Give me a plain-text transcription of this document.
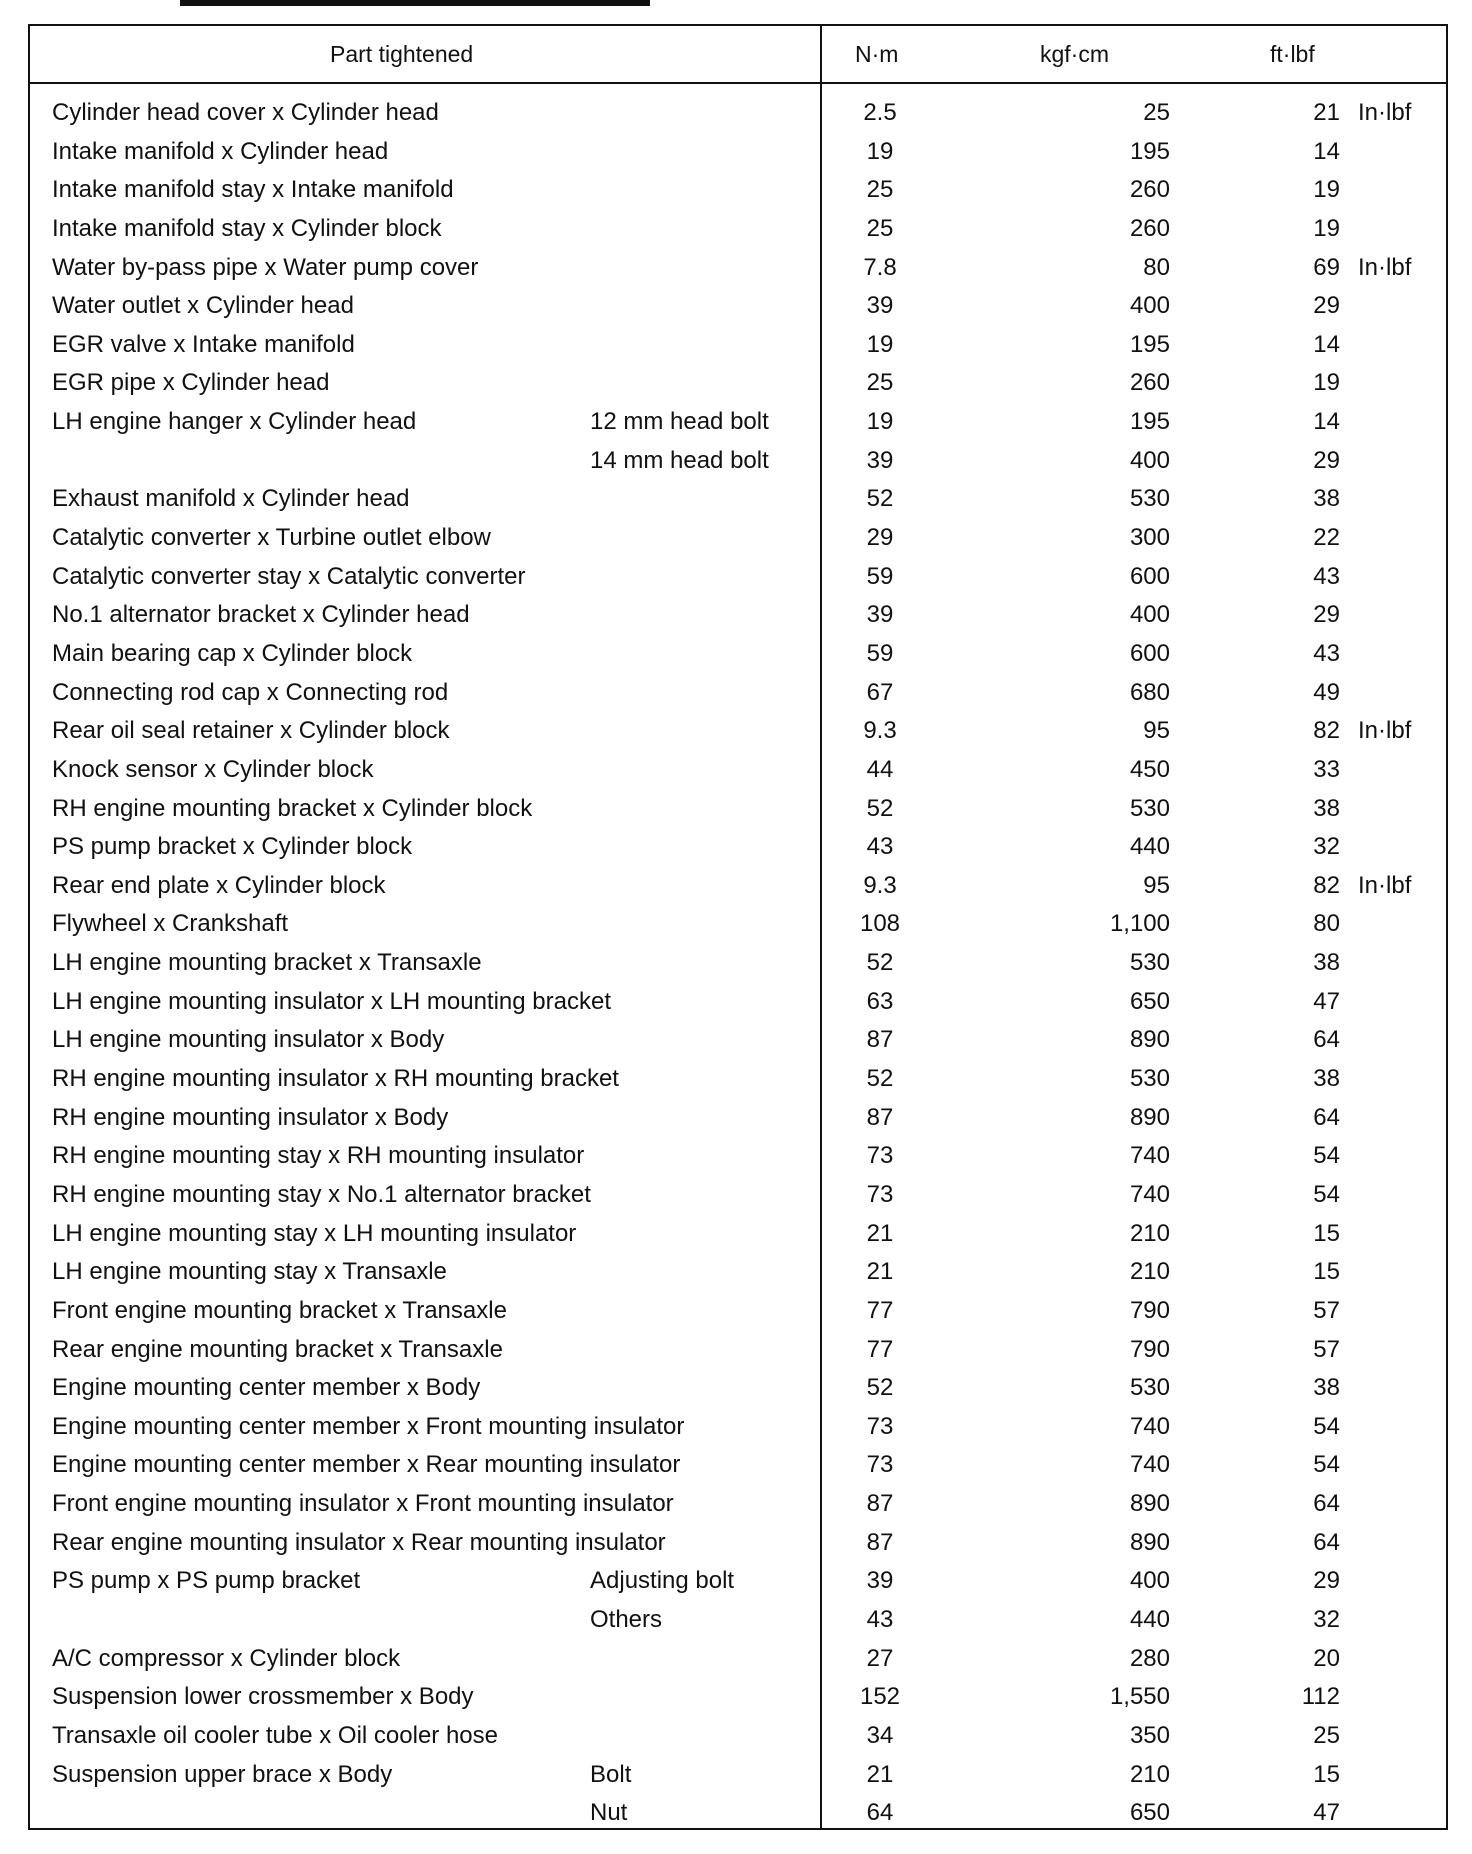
Part tightened	N·m	kgf·cm	ft·lbf
Cylinder head cover x Cylinder head	2.5	25	21 In·lbf
Intake manifold x Cylinder head	19	195	14
Intake manifold stay x Intake manifold	25	260	19
Intake manifold stay x Cylinder block	25	260	19
Water by-pass pipe x Water pump cover	7.8	80	69 In·lbf
Water outlet x Cylinder head	39	400	29
EGR valve x Intake manifold	19	195	14
EGR pipe x Cylinder head	25	260	19
LH engine hanger x Cylinder head	12 mm head bolt	19	195	14
14 mm head bolt	39	400	29
Exhaust manifold x Cylinder head	52	530	38
Catalytic converter x Turbine outlet elbow	29	300	22
Catalytic converter stay x Catalytic converter	59	600	43
No.1 alternator bracket x Cylinder head	39	400	29
Main bearing cap x Cylinder block	59	600	43
Connecting rod cap x Connecting rod	67	680	49
Rear oil seal retainer x Cylinder block	9.3	95	82 In·lbf
Knock sensor x Cylinder block	44	450	33
RH engine mounting bracket x Cylinder block	52	530	38
PS pump bracket x Cylinder block	43	440	32
Rear end plate x Cylinder block	9.3	95	82 In·lbf
Flywheel x Crankshaft	108	1,100	80
LH engine mounting bracket x Transaxle	52	530	38
LH engine mounting insulator x LH mounting bracket	63	650	47
LH engine mounting insulator x Body	87	890	64
RH engine mounting insulator x RH mounting bracket	52	530	38
RH engine mounting insulator x Body	87	890	64
RH engine mounting stay x RH mounting insulator	73	740	54
RH engine mounting stay x No.1 alternator bracket	73	740	54
LH engine mounting stay x LH mounting insulator	21	210	15
LH engine mounting stay x Transaxle	21	210	15
Front engine mounting bracket x Transaxle	77	790	57
Rear engine mounting bracket x Transaxle	77	790	57
Engine mounting center member x Body	52	530	38
Engine mounting center member x Front mounting insulator	73	740	54
Engine mounting center member x Rear mounting insulator	73	740	54
Front engine mounting insulator x Front mounting insulator	87	890	64
Rear engine mounting insulator x Rear mounting insulator	87	890	64
PS pump x PS pump bracket	Adjusting bolt	39	400	29
Others	43	440	32
A/C compressor x Cylinder block	27	280	20
Suspension lower crossmember x Body	152	1,550	112
Transaxle oil cooler tube x Oil cooler hose	34	350	25
Suspension upper brace x Body	Bolt	21	210	15
Nut	64	650	47
